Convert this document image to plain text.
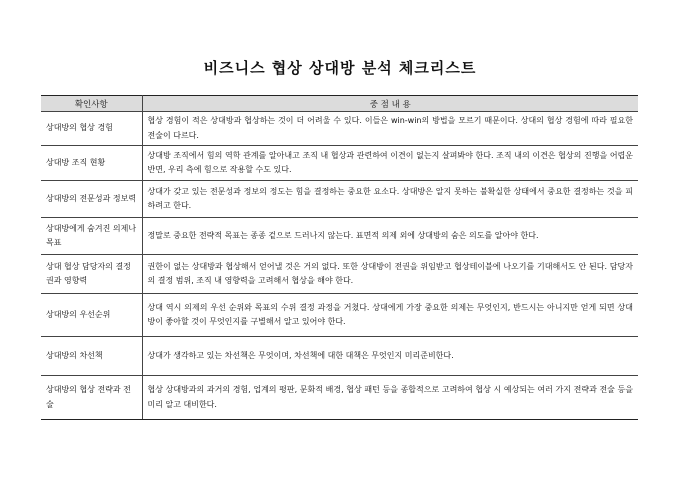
비즈니스 협상 상대방 분석 체크리스트
확인사항	중 점 내 용
상대방의 협상 경험	협상 경험이 적은 상대방과 협상하는 것이 더 어려울 수 있다. 이들은 win-win의 방법을 모르기 때문이다. 상대의 협상 경험에 따라 필요한 전술이 다르다.
상대방 조직 현황	상대방 조직에서 힘의 역학 관계를 알아내고 조직 내 협상과 관련하여 이견이 없는지 살펴봐야 한다. 조직 내의 이견은 협상의 진행을 어렵운 반면, 우리 측에 힘으로 작용할 수도 있다.
상대방의 전문성과 정보력	상대가 갖고 있는 전문성과 정보의 정도는 힘을 결정하는 중요한 요소다. 상대방은 알지 못하는 불확실한 상태에서 중요한 결정하는 것을 피하려고 한다.
상대방에게 숨겨진 의제나 목표	정말로 중요한 전략적 목표는 종종 겉으로 드러나지 않는다. 표면적 의제 외에 상대방의 숨은 의도를 알아야 한다.
상대 협상 담당자의 결정권과 영향력	권한이 없는 상대방과 협상해서 얻어낼 것은 거의 없다. 또한 상대방이 전권을 위임받고 협상테이블에 나오기를 기대해서도 안 된다. 담당자의 결정 범위, 조직 내 영향력을 고려해서 협상을 해야 한다.
상대방의 우선순위	상대 역시 의제의 우선 순위와 목표의 수위 결정 과정을 거쳤다. 상대에게 가장 중요한 의제는 무엇인지, 반드시는 아니지만 얻게 되면 상대방이 좋아할 것이 무엇인지를 구별해서 알고 있어야 한다.
상대방의 차선책	상대가 생각하고 있는 차선책은 무엇이며, 차선책에 대한 대책은 무엇인지 미리준비한다.
상대방의 협상 전략과 전술	협상 상대방과의 과거의 경험, 업계의 평판, 문화적 배경, 협상 패턴 등을 종합적으로 고려하여 협상 시 예상되는 여러 가지 전략과 전술 등을 미리 알고 대비한다.
